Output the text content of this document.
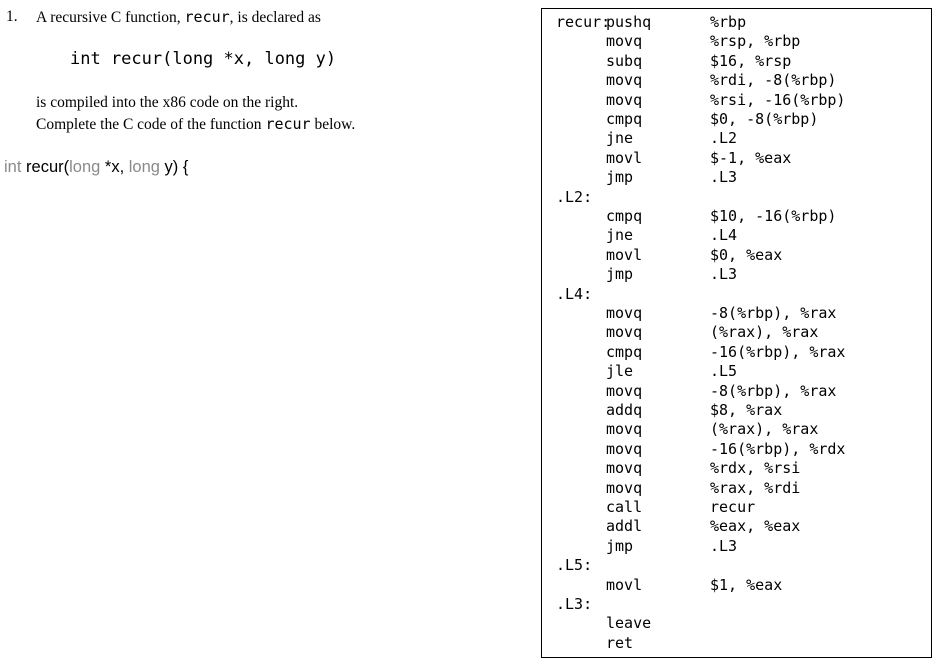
1. A recursive C function, recur, is declared as
int recur(long *x, long y)
is compiled into the x86 code on the right.
Complete the C code of the function recur below.
int recur(long *x, long y) {
recur:
pushq	%rbp
movq	%rsp, %rbp
subq	$16, %rsp
movq	%rdi, -8(%rbp)
movq	%rsi, -16(%rbp)
cmpq	$0, -8(%rbp)
jne	.L2
movl	$-1, %eax
jmp	.L3
.L2:
cmpq	$10, -16(%rbp)
jne	.L4
movl	$0, %eax
jmp	.L3
.L4:
movq	-8(%rbp), %rax
movq	(%rax), %rax
cmpq	-16(%rbp), %rax
jle	.L5
movq	-8(%rbp), %rax
addq	$8, %rax
movq	(%rax), %rax
movq	-16(%rbp), %rdx
movq	%rdx, %rsi
movq	%rax, %rdi
call	recur
addl	%eax, %eax
jmp	.L3
.L5:
movl	$1, %eax
.L3:
leave
ret
